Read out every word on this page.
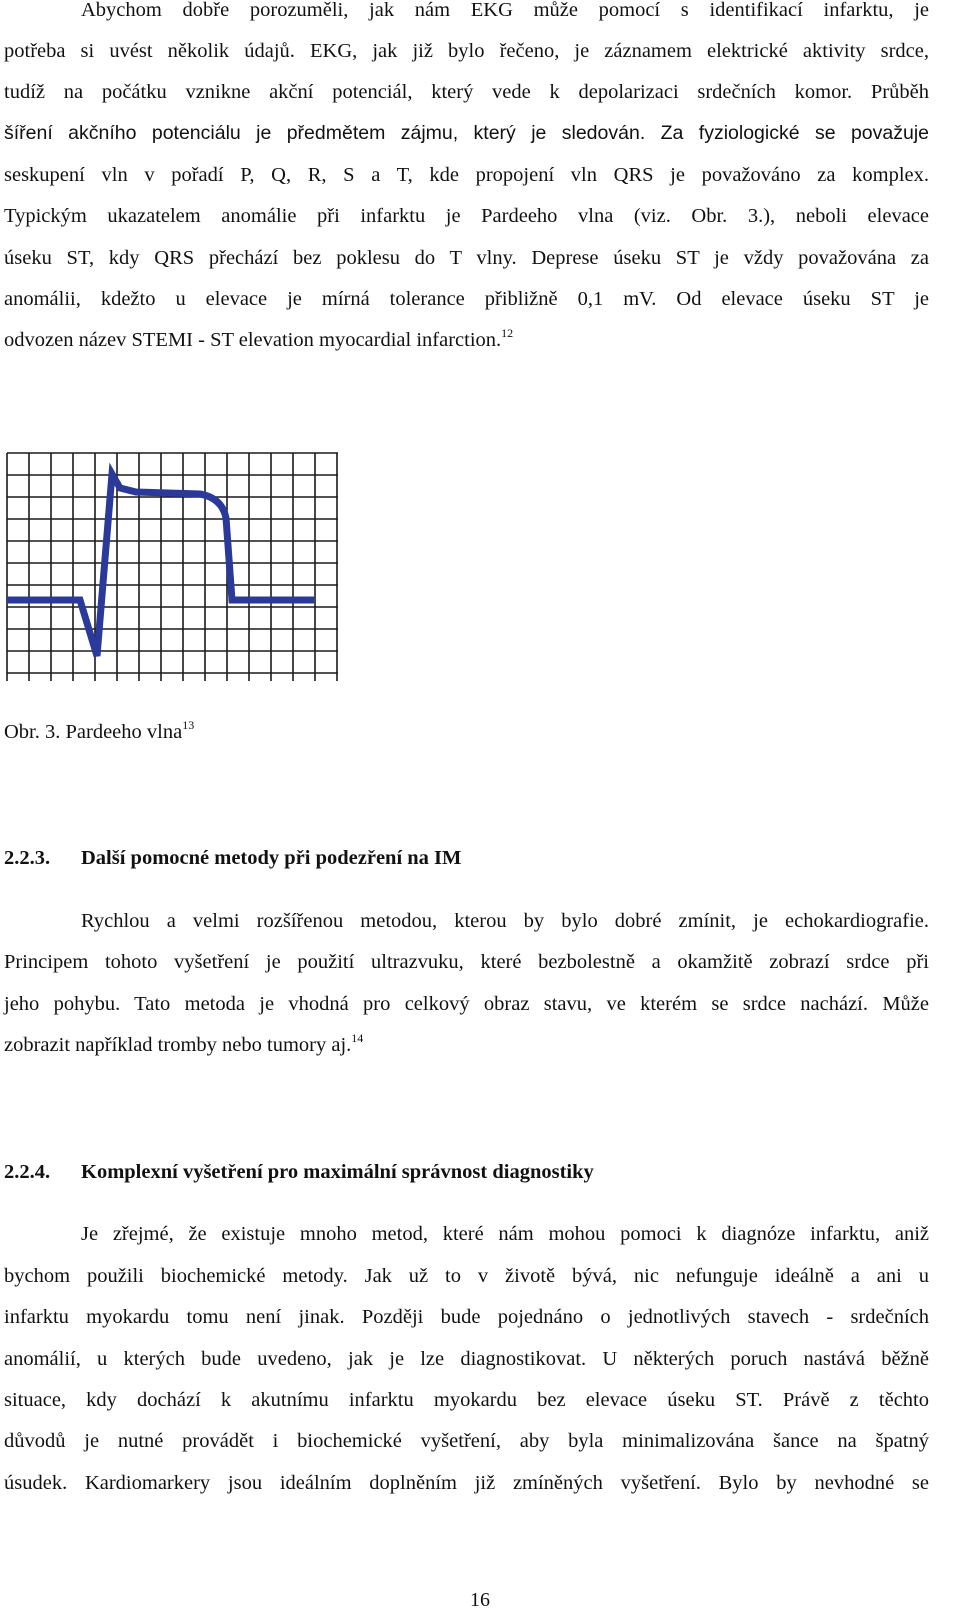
Abychom dobře porozuměli, jak nám EKG může pomocí s identifikací infarktu, je
potřeba si uvést několik údajů. EKG, jak již bylo řečeno, je záznamem elektrické aktivity srdce,
tudíž na počátku vznikne akční potenciál, který vede k depolarizaci srdečních komor. Průběh
šíření akčního potenciálu je předmětem zájmu, který je sledován. Za fyziologické se považuje
seskupení vln v pořadí P, Q, R, S a T, kde propojení vln QRS je považováno za komplex.
Typickým ukazatelem anomálie při infarktu je Pardeeho vlna (viz. Obr. 3.), neboli elevace
úseku ST, kdy QRS přechází bez poklesu do T vlny. Deprese úseku ST je vždy považována za
anomálii, kdežto u elevace je mírná tolerance přibližně 0,1 mV. Od elevace úseku ST je
odvozen název STEMI - ST elevation myocardial infarction.$^{12}$
Obr. 3. Pardeeho vlna$^{13}$
2.2.3. Další pomocné metody při podezření na IM
Rychlou a velmi rozšířenou metodou, kterou by bylo dobré zmínit, je echokardiografie.
Principem tohoto vyšetření je použití ultrazvuku, které bezbolestně a okamžitě zobrazí srdce při
jeho pohybu. Tato metoda je vhodná pro celkový obraz stavu, ve kterém se srdce nachází. Může
zobrazit například tromby nebo tumory aj.$^{14}$
2.2.4. Komplexní vyšetření pro maximální správnost diagnostiky
Je zřejmé, že existuje mnoho metod, které nám mohou pomoci k diagnóze infarktu, aniž
bychom použili biochemické metody. Jak už to v životě bývá, nic nefunguje ideálně a ani u
infarktu myokardu tomu není jinak. Později bude pojednáno o jednotlivých stavech - srdečních
anomálií, u kterých bude uvedeno, jak je lze diagnostikovat. U některých poruch nastává běžně
situace, kdy dochází k akutnímu infarktu myokardu bez elevace úseku ST. Právě z těchto
důvodů je nutné provádět i biochemické vyšetření, aby byla minimalizována šance na špatný
úsudek. Kardiomarkery jsou ideálním doplněním již zmíněných vyšetření. Bylo by nevhodné se
16
